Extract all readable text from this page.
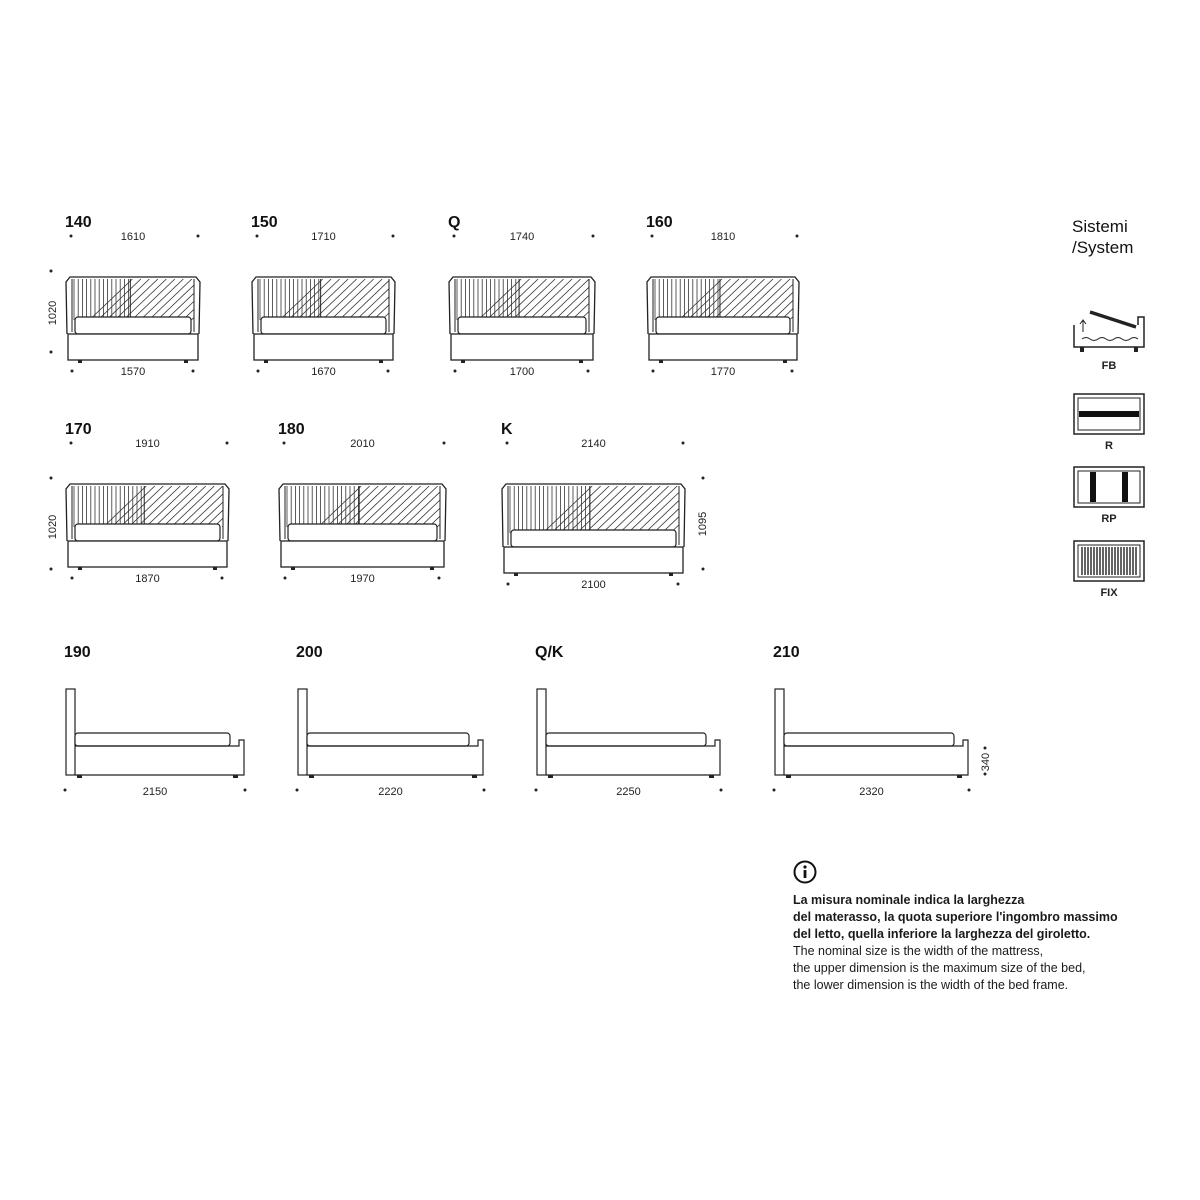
140
1610
1570
150
1710
1670
Q
1740
1700
160
1810
1770
170
1910
1870
180
2010
1970
K
2140
2100
1020
1020	1095
190
2150
200
2220
Q/K
2250
210
2320
340
FB
R
RP
FIX
Sistemi
/System

La misura nominale indica la larghezza

del materasso, la quota superiore l'ingombro massimo

del letto, quella inferiore la larghezza del giroletto.

The nominal size is the width of the mattress,

the upper dimension is the maximum size of the bed,

the lower dimension is the width of the bed frame.
